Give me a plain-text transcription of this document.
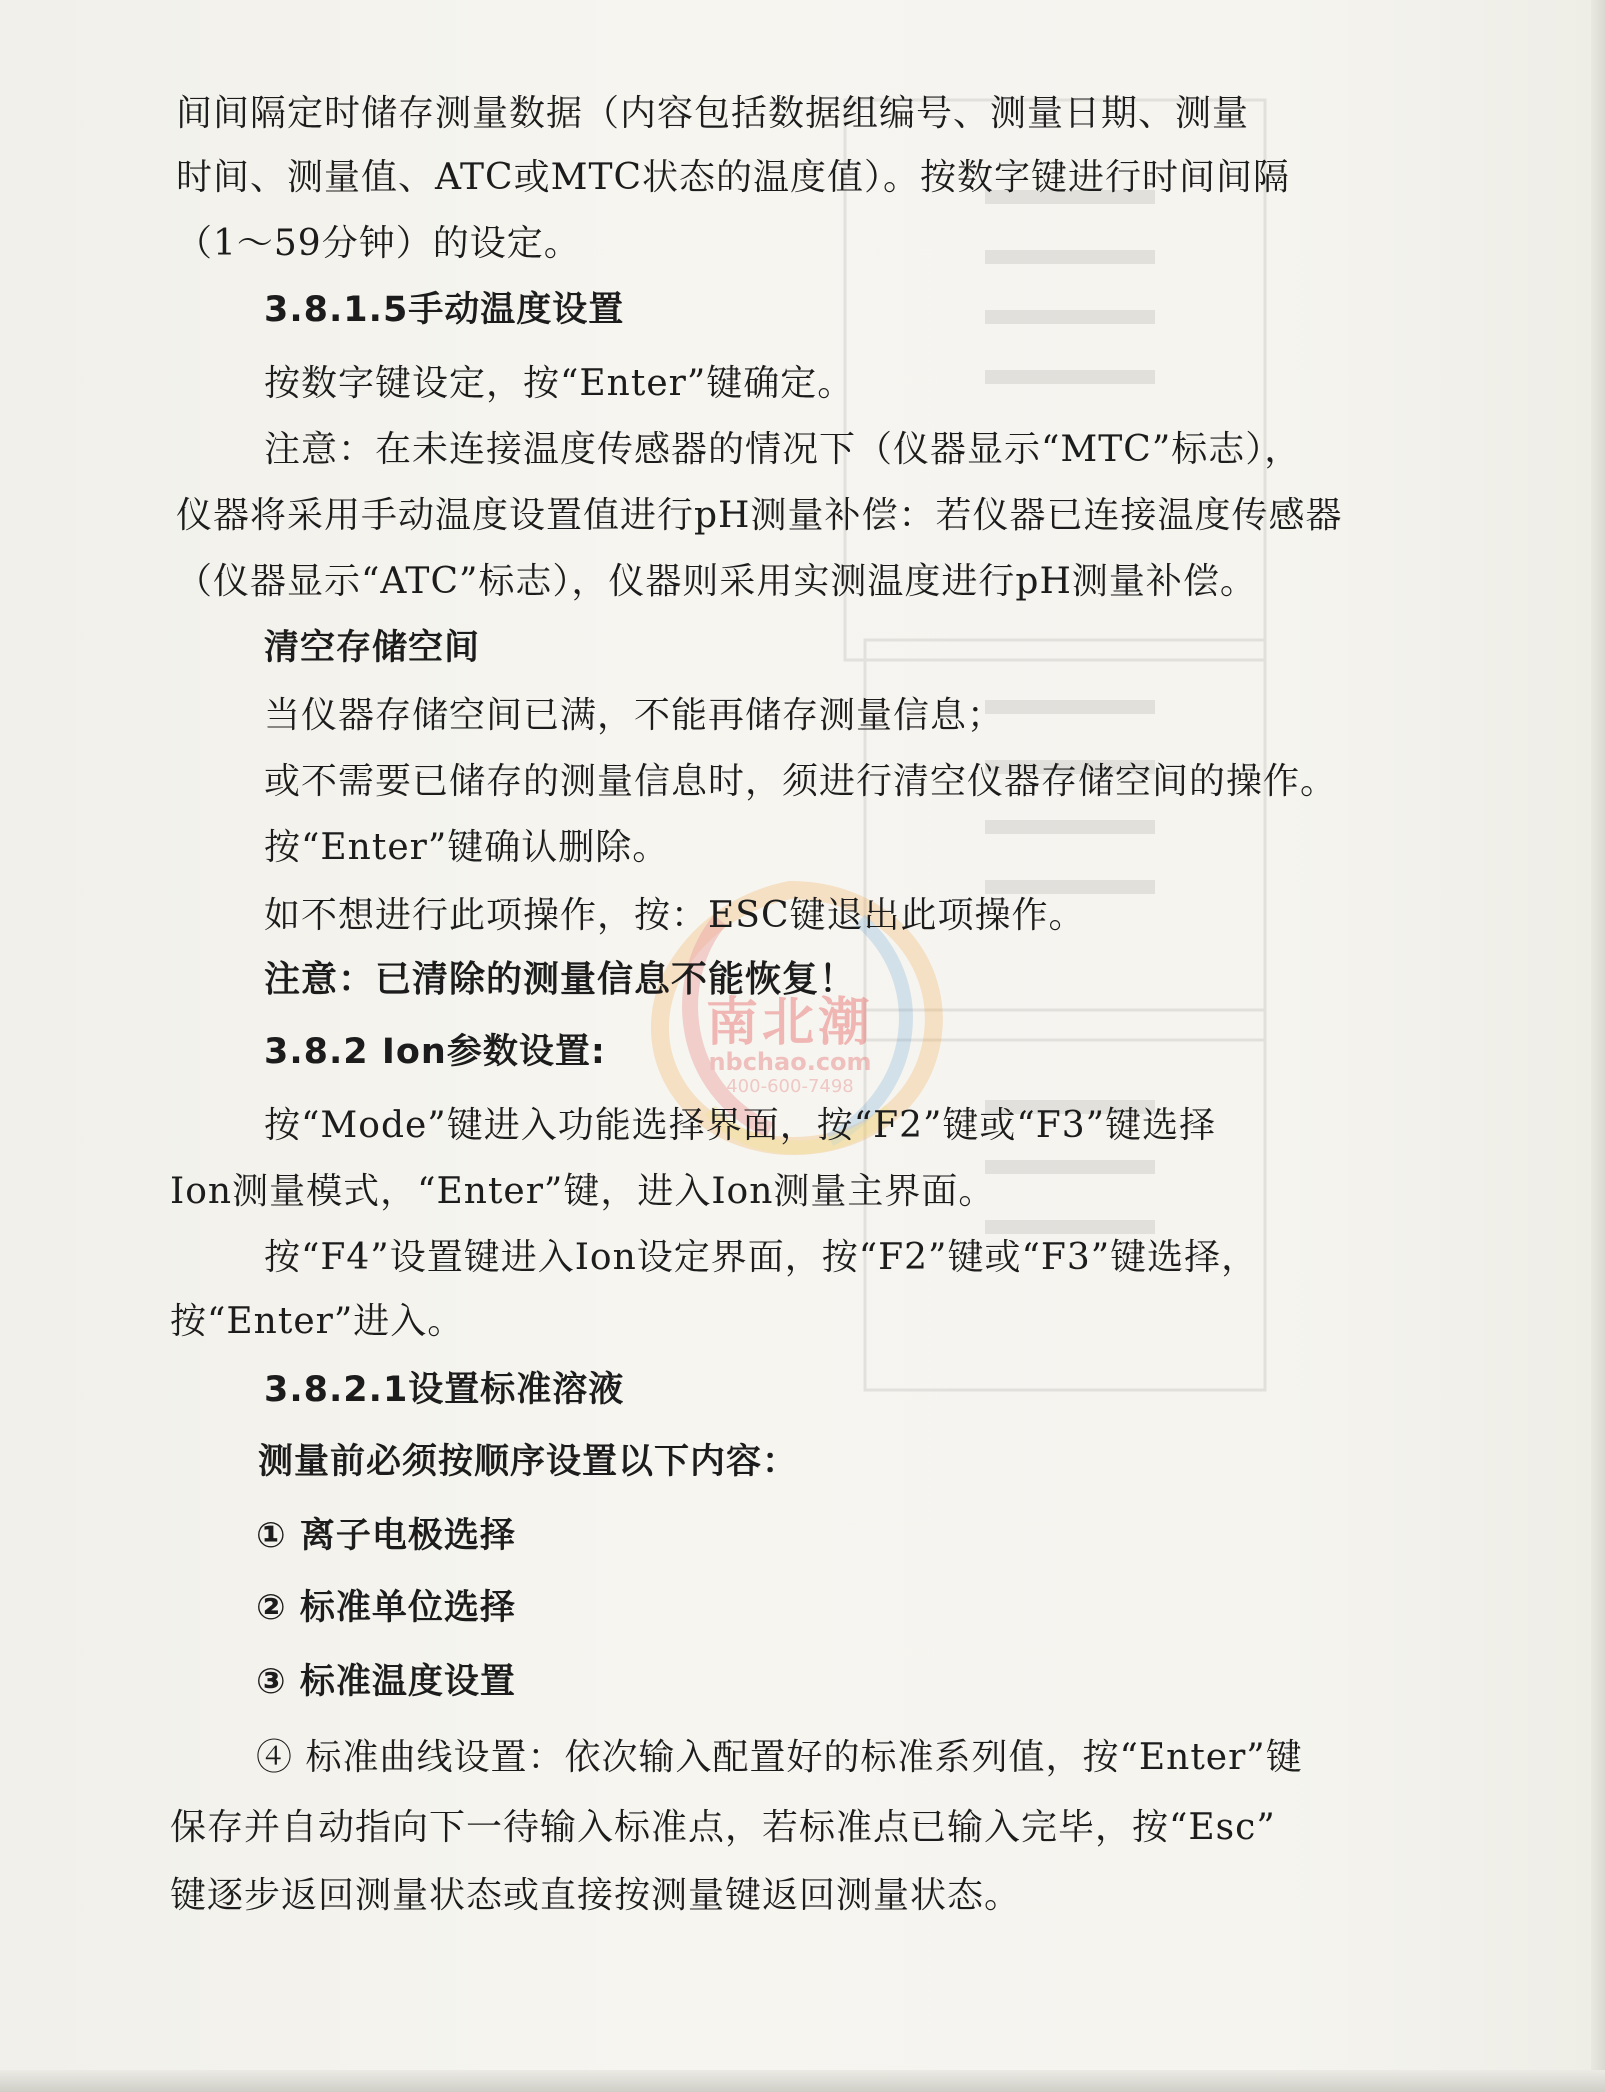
南北潮
nbchao.com
400-600-7498
间间隔定时储存测量数据（内容包括数据组编号、测量日期、测量
时间、测量值、ATC或MTC状态的温度值）。按数字键进行时间间隔
（1～59分钟）的设定。
3.8.1.5手动温度设置
按数字键设定，按“Enter”键确定。
注意：在未连接温度传感器的情况下（仪器显示“MTC”标志），
仪器将采用手动温度设置值进行pH测量补偿：若仪器已连接温度传感器
（仪器显示“ATC”标志），仪器则采用实测温度进行pH测量补偿。
清空存储空间
当仪器存储空间已满，不能再储存测量信息；
或不需要已储存的测量信息时，须进行清空仪器存储空间的操作。
按“Enter”键确认删除。
如不想进行此项操作，按：ESC键退出此项操作。
注意：已清除的测量信息不能恢复！
3.8.2 Ion参数设置:
按“Mode”键进入功能选择界面，按“F2”键或“F3”键选择
Ion测量模式，“Enter”键，进入Ion测量主界面。
按“F4”设置键进入Ion设定界面，按“F2”键或“F3”键选择，
按“Enter”进入。
3.8.2.1设置标准溶液
测量前必须按顺序设置以下内容：
① 离子电极选择
② 标准单位选择
③ 标准温度设置
④ 标准曲线设置：依次输入配置好的标准系列值，按“Enter”键
保存并自动指向下一待输入标准点，若标准点已输入完毕，按“Esc”
键逐步返回测量状态或直接按测量键返回测量状态。
